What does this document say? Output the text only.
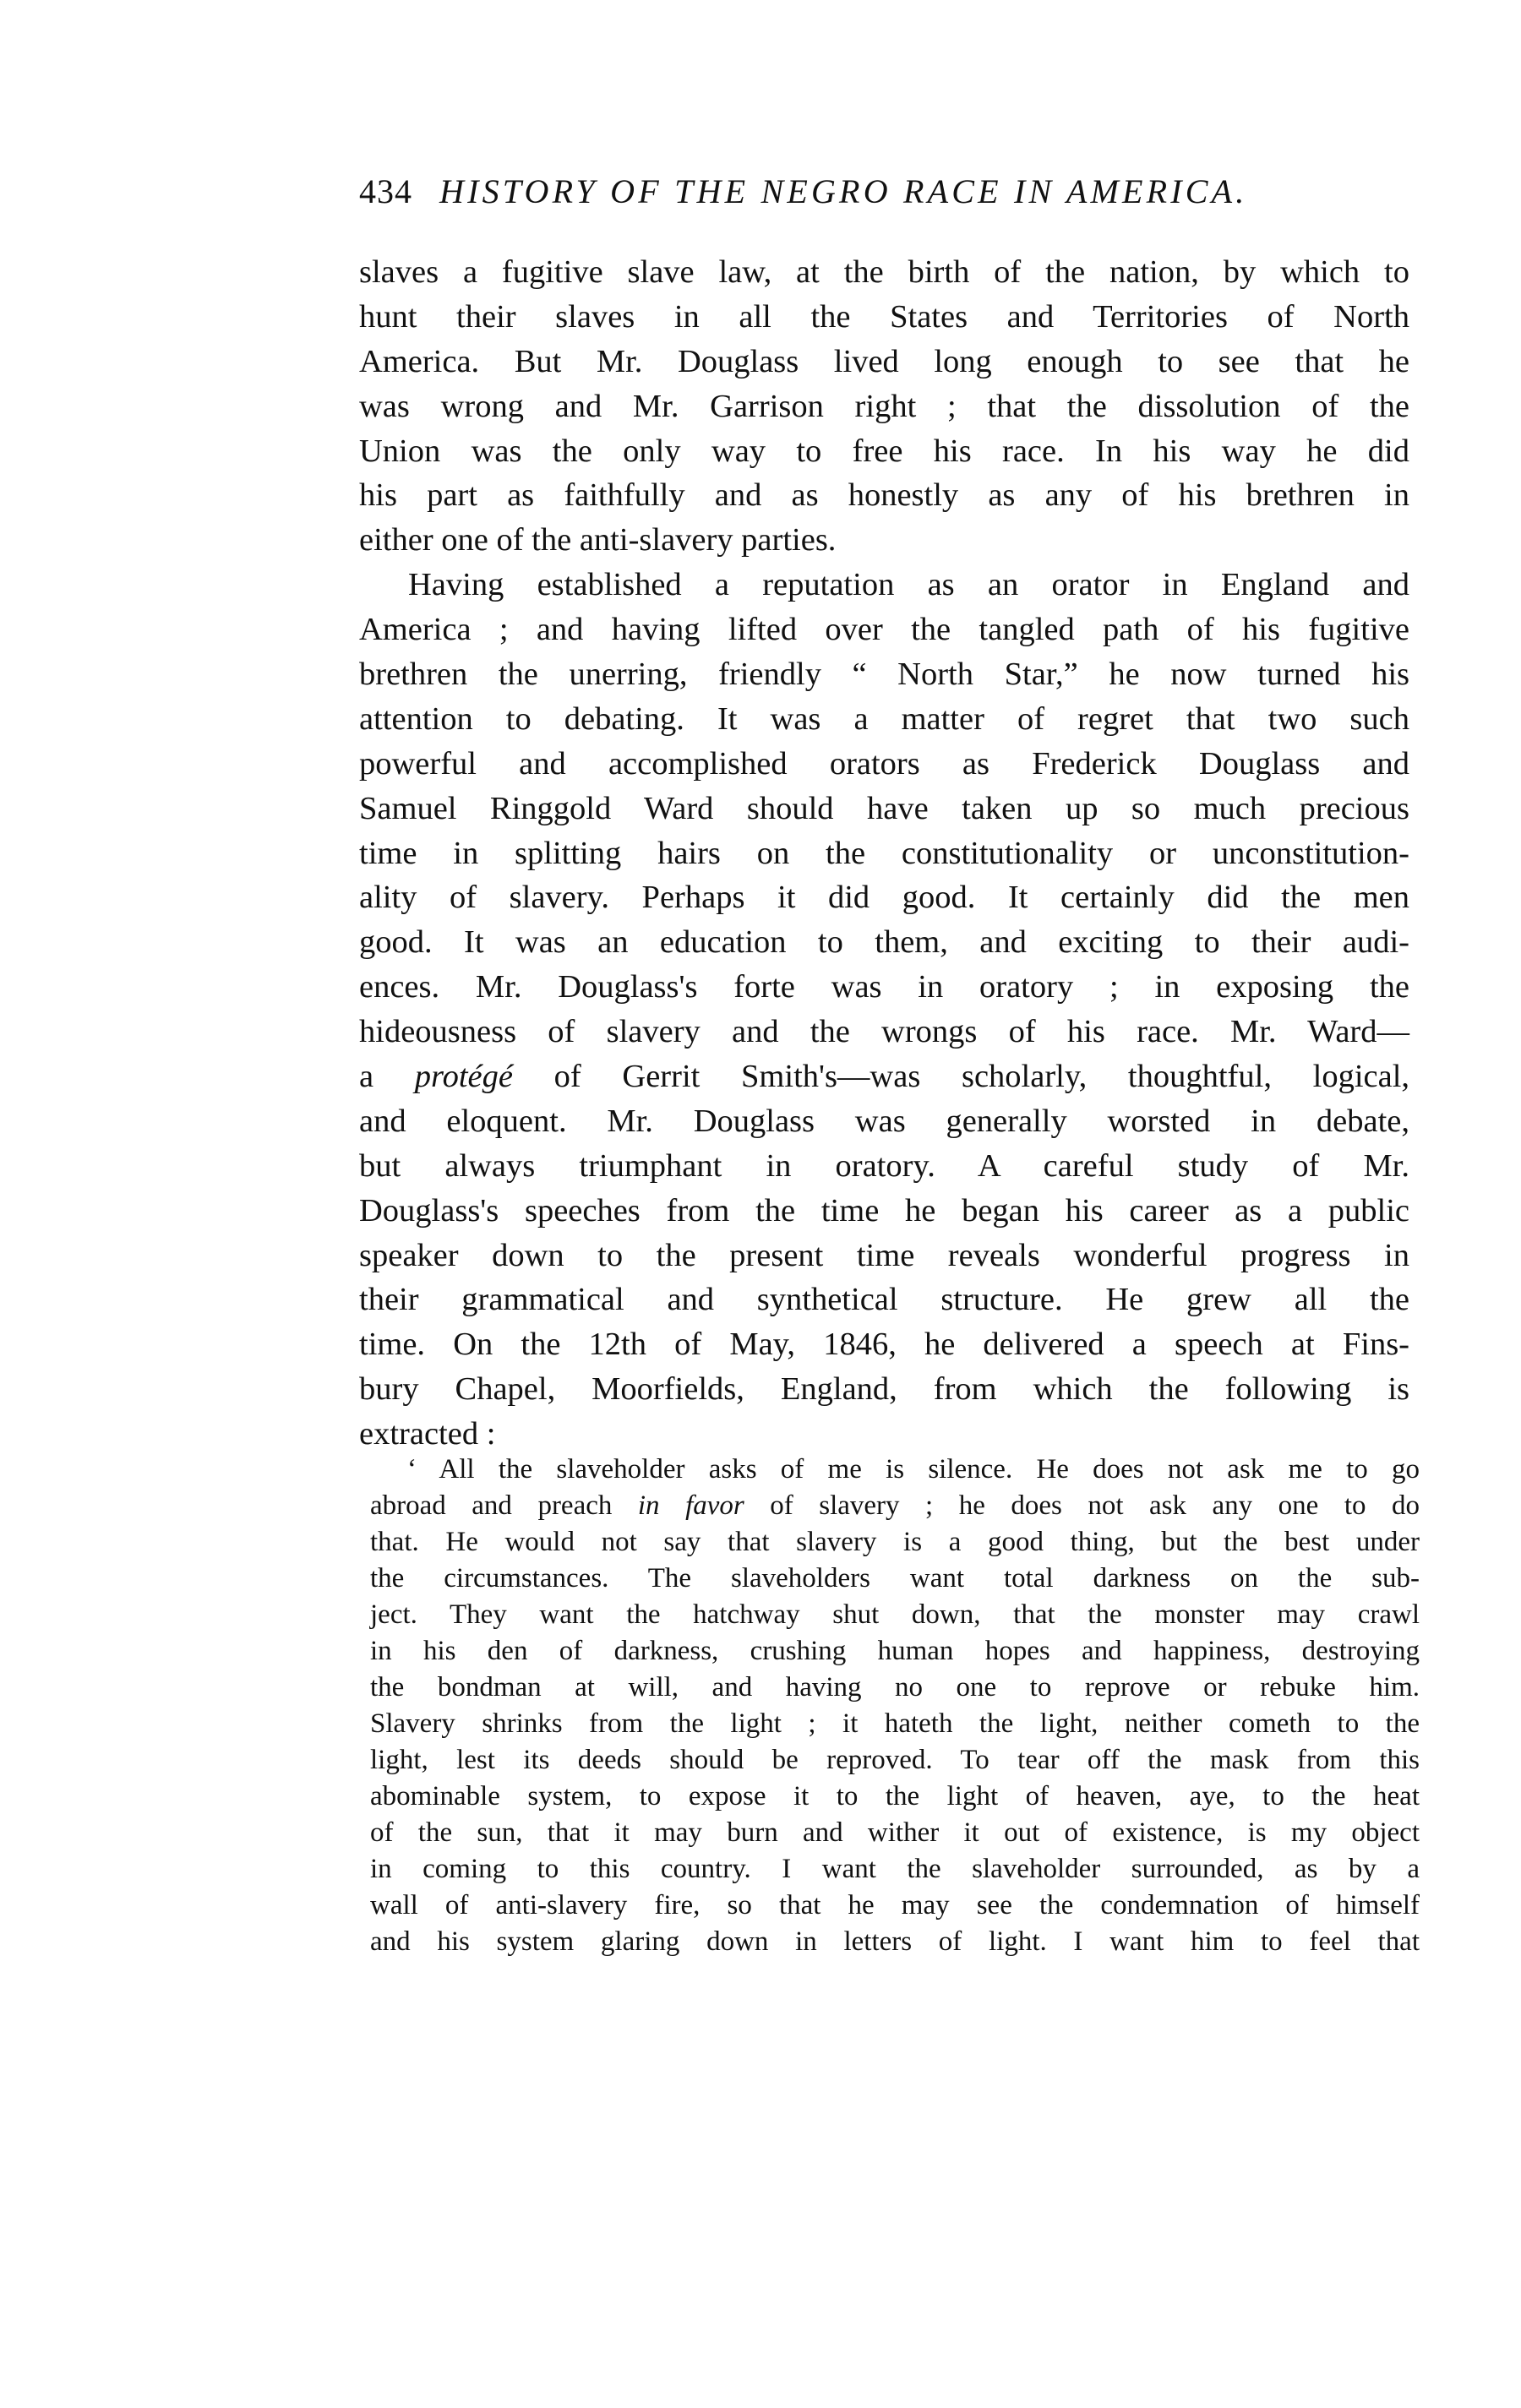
434 HISTORY OF THE NEGRO RACE IN AMERICA.
slaves a fugitive slave law, at the birth of the nation, by which to
hunt their slaves in all the States and Territories of North
America. But Mr. Douglass lived long enough to see that he
was wrong and Mr. Garrison right ; that the dissolution of the
Union was the only way to free his race. In his way he did
his part as faithfully and as honestly as any of his brethren in
either one of the anti-slavery parties.
Having established a reputation as an orator in England and
America ; and having lifted over the tangled path of his fugitive
brethren the unerring, friendly “ North Star,” he now turned his
attention to debating. It was a matter of regret that two such
powerful and accomplished orators as Frederick Douglass and
Samuel Ringgold Ward should have taken up so much precious
time in splitting hairs on the constitutionality or unconstitution-
ality of slavery. Perhaps it did good. It certainly did the men
good. It was an education to them, and exciting to their audi-
ences. Mr. Douglass's forte was in oratory ; in exposing the
hideousness of slavery and the wrongs of his race. Mr. Ward—
a protégé of Gerrit Smith's—was scholarly, thoughtful, logical,
and eloquent. Mr. Douglass was generally worsted in debate,
but always triumphant in oratory. A careful study of Mr.
Douglass's speeches from the time he began his career as a public
speaker down to the present time reveals wonderful progress in
their grammatical and synthetical structure. He grew all the
time. On the 12th of May, 1846, he delivered a speech at Fins-
bury Chapel, Moorfields, England, from which the following is
extracted :
‘ All the slaveholder asks of me is silence. He does not ask me to go
abroad and preach in favor of slavery ; he does not ask any one to do
that. He would not say that slavery is a good thing, but the best under
the circumstances. The slaveholders want total darkness on the sub-
ject. They want the hatchway shut down, that the monster may crawl
in his den of darkness, crushing human hopes and happiness, destroying
the bondman at will, and having no one to reprove or rebuke him.
Slavery shrinks from the light ; it hateth the light, neither cometh to the
light, lest its deeds should be reproved. To tear off the mask from this
abominable system, to expose it to the light of heaven, aye, to the heat
of the sun, that it may burn and wither it out of existence, is my object
in coming to this country. I want the slaveholder surrounded, as by a
wall of anti-slavery fire, so that he may see the condemnation of himself
and his system glaring down in letters of light. I want him to feel that
